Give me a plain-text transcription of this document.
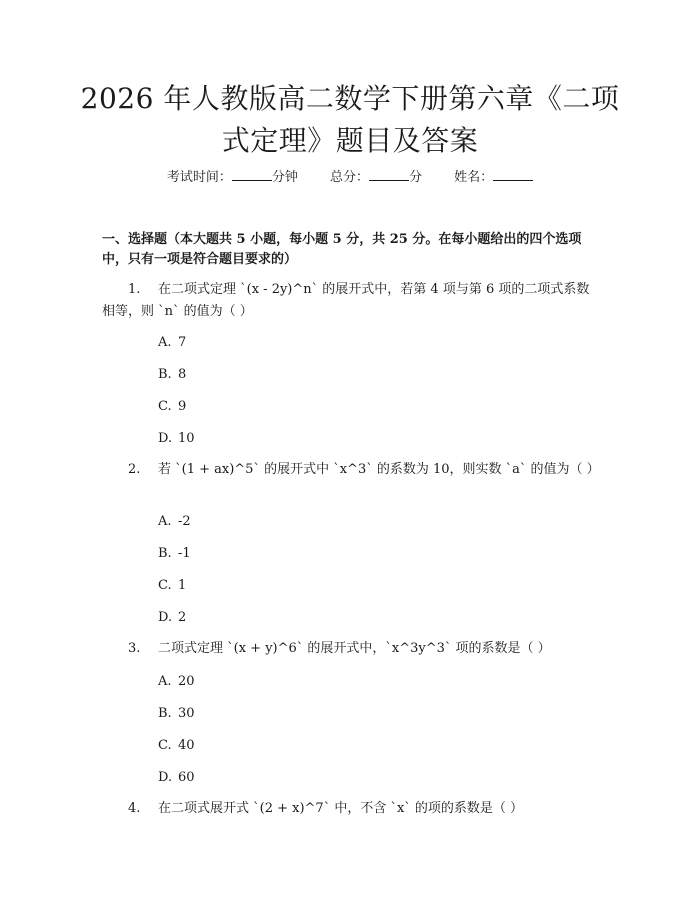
2026 年人教版高二数学下册第六章《二项式定理》题目及答案
考试时间：	分钟 总分：	分 姓名：

一、选择题（本大题共 5 小题，每小题 5 分，共 25 分。在每小题给出的四个选项中，只有一项是符合题目要求的）

1. 在二项式定理 `(x - 2y)^n` 的展开式中，若第 4 项与第 6 项的二项式系数相等，则 `n` 的值为（ ）

A. 7
B. 8
C. 9
D. 10

2. 若 `(1 + ax)^5` 的展开式中 `x^3` 的系数为 10，则实数 `a` 的值为（ ）

A. -2
B. -1
C. 1
D. 2

3. 二项式定理 `(x + y)^6` 的展开式中，`x^3y^3` 项的系数是（ ）

A. 20
B. 30
C. 40
D. 60

4. 在二项式展开式 `(2 + x)^7` 中，不含 `x` 的项的系数是（ ）
